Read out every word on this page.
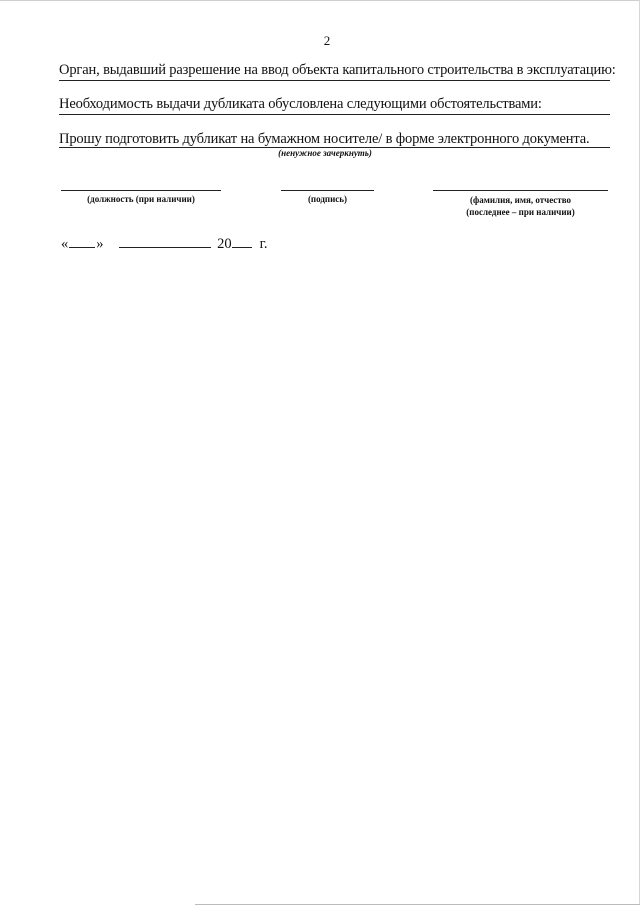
2
Орган, выдавший разрешение на ввод объекта капитального строительства в эксплуатацию:
Необходимость выдачи дубликата обусловлена следующими обстоятельствами:
Прошу подготовить дубликат на бумажном носителе/ в форме электронного документа.
(ненужное зачеркнуть)
(должность (при наличии)	(подпись)	(фамилия, имя, отчество
(последнее – при наличии)
« »	20 г.
